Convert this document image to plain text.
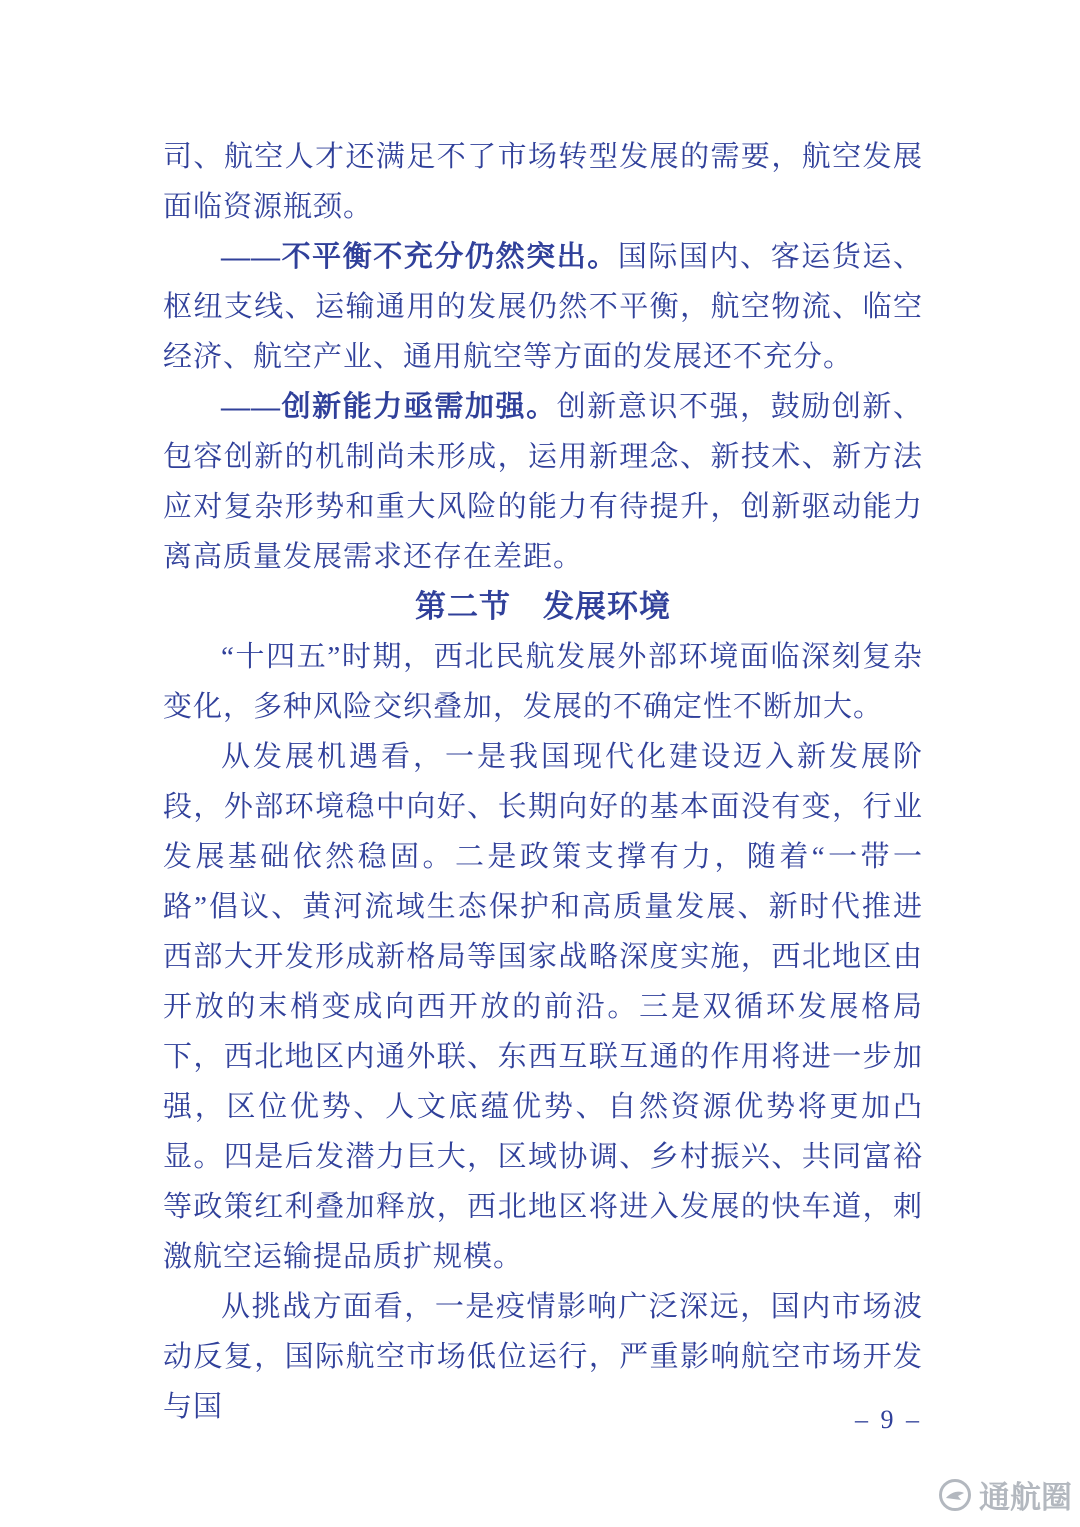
司、航空人才还满足不了市场转型发展的需要，航空发展面临资源瓶颈。

——不平衡不充分仍然突出。国际国内、客运货运、枢纽支线、运输通用的发展仍然不平衡，航空物流、临空经济、航空产业、通用航空等方面的发展还不充分。

——创新能力亟需加强。创新意识不强，鼓励创新、包容创新的机制尚未形成，运用新理念、新技术、新方法应对复杂形势和重大风险的能力有待提升，创新驱动能力离高质量发展需求还存在差距。

第二节　发展环境

“十四五”时期，西北民航发展外部环境面临深刻复杂变化，多种风险交织叠加，发展的不确定性不断加大。

从发展机遇看，一是我国现代化建设迈入新发展阶段，外部环境稳中向好、长期向好的基本面没有变，行业发展基础依然稳固。二是政策支撑有力，随着“一带一路”倡议、黄河流域生态保护和高质量发展、新时代推进西部大开发形成新格局等国家战略深度实施，西北地区由开放的末梢变成向西开放的前沿。三是双循环发展格局下，西北地区内通外联、东西互联互通的作用将进一步加强，区位优势、人文底蕴优势、自然资源优势将更加凸显。四是后发潜力巨大，区域协调、乡村振兴、共同富裕等政策红利叠加释放，西北地区将进入发展的快车道，刺激航空运输提品质扩规模。

从挑战方面看，一是疫情影响广泛深远，国内市场波动反复，国际航空市场低位运行，严重影响航空市场开发与国	– 9 –
通航圈
